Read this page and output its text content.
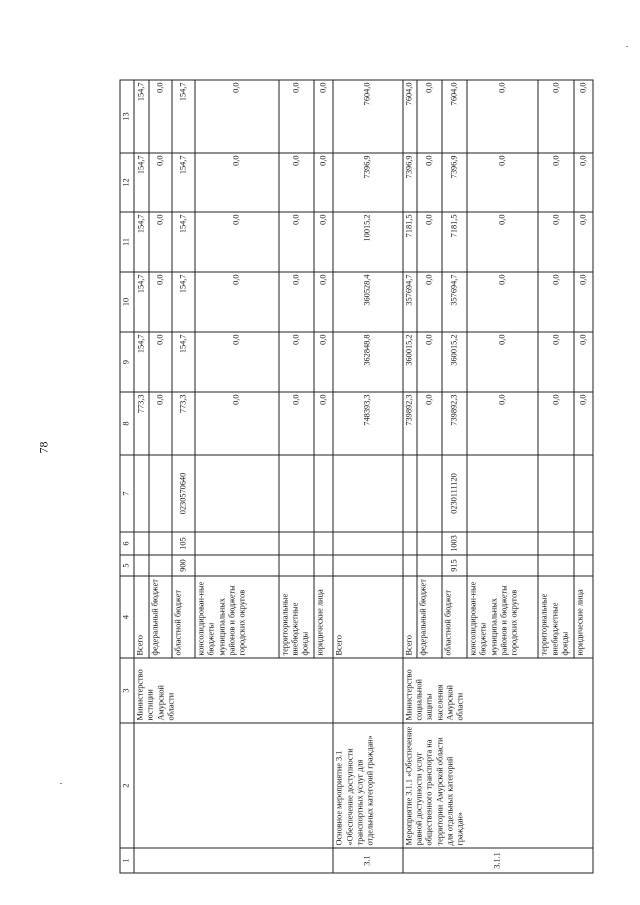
78
1	2	3	4	5	6	7	8	9	10	11	12	13
		Министерство юстиции Амурской области	Всего				773,3	154,7	154,7	154,7	154,7	154,7
			федеральный бюджет				0,0	0,0	0,0	0,0	0,0	0,0
			областной бюджет	900	105	0230570640	773,3	154,7	154,7	154,7	154,7	154,7
			консолидирован-ные бюджеты муниципальных районов и бюджеты городских округов				0,0	0,0	0,0	0,0	0,0	0,0
			территориальные внебюджетные фонды				0,0	0,0	0,0	0,0	0,0	0,0
			юридические лица				0,0	0,0	0,0	0,0	0,0	0,0
3.1	Основное мероприятие 3.1 «Обеспечение доступности транспортных услуг для отдельных категорий граждан»		Всего				748393,3	362848,8	360528,4	10015,2	7396,9	7604,0
3.1.1	Мероприятие 3.1.1 «Обеспечение равной доступности услуг общественного транспорта на территории Амурской области для отдельных категорий граждан»	Министерство социальной защиты населения Амурской области	Всего				739892,3	360015,2	357694,7	7181,5	7396,9	7604,0
			федеральный бюджет				0,0	0,0	0,0	0,0	0,0	0,0
			областной бюджет	915	1003	0230111120	739892,3	360015,2	357694,7	7181,5	7396,9	7604,0
			консолидирован-ные бюджеты муниципальных районов и бюджеты городских округов				0,0	0,0	0,0	0,0	0,0	0,0
			территориальные внебюджетные фонды				0,0	0,0	0,0	0,0	0,0	0,0
			юридические лица				0,0	0,0	0,0	0,0	0,0	0,0
